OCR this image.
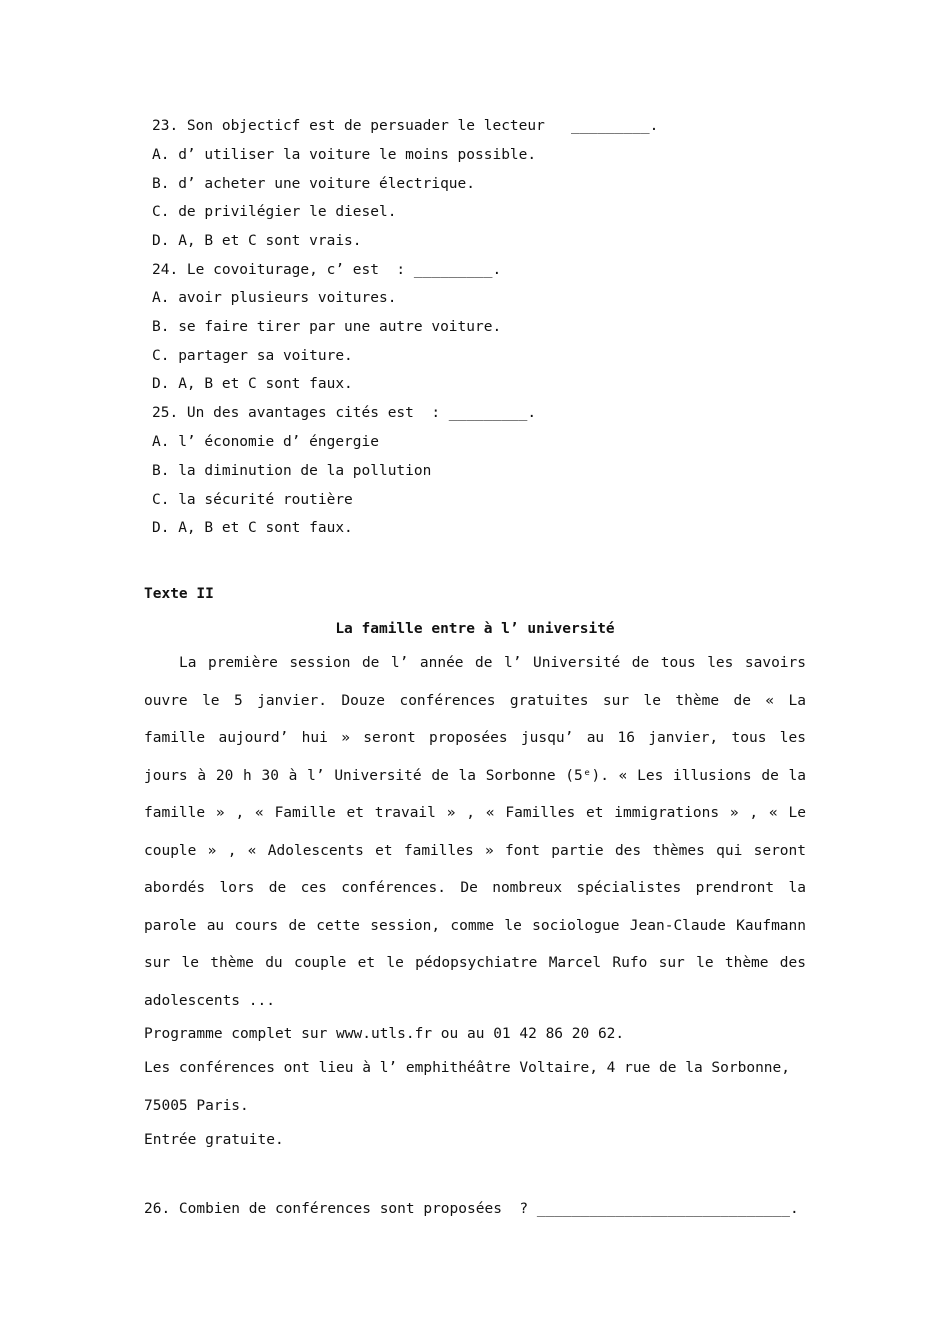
23. Son objecticf est de persuader le lecteur   _________.
A. d’ utiliser la voiture le moins possible.
B. d’ acheter une voiture électrique.
C. de privilégier le diesel.
D. A, B et C sont vrais.
24. Le covoiturage, c’ est  : _________.
A. avoir plusieurs voitures.
B. se faire tirer par une autre voiture.
C. partager sa voiture.
D. A, B et C sont faux.
25. Un des avantages cités est  : _________.
A. l’ économie d’ éngergie
B. la diminution de la pollution
C. la sécurité routière
D. A, B et C sont faux.
Texte II
La famille entre à l’ université

La première session de l’ année de l’ Université de tous les savoirs ouvre le 5 janvier. Douze conférences gratuites sur le thème de « La famille aujourd’ hui » seront proposées jusqu’ au 16 janvier, tous les jours à 20 h 30 à l’ Université de la Sorbonne (5ᵉ). « Les illusions de la famille » , « Famille et travail » , « Familles et immigrations » , « Le couple » , « Adolescents et familles » font partie des thèmes qui seront abordés lors de ces conférences. De nombreux spécialistes prendront la parole au cours de cette session, comme le sociologue Jean-Claude Kaufmann sur le thème du couple et le pédopsychiatre Marcel Rufo sur le thème des adolescents ...

Programme complet sur www.utls.fr ou au 01 42 86 20 62.
Les conférences ont lieu à l’ emphithéâtre Voltaire, 4 rue de la Sorbonne,
75005 Paris.
Entrée gratuite.
26. Combien de conférences sont proposées  ? _____________________________.
